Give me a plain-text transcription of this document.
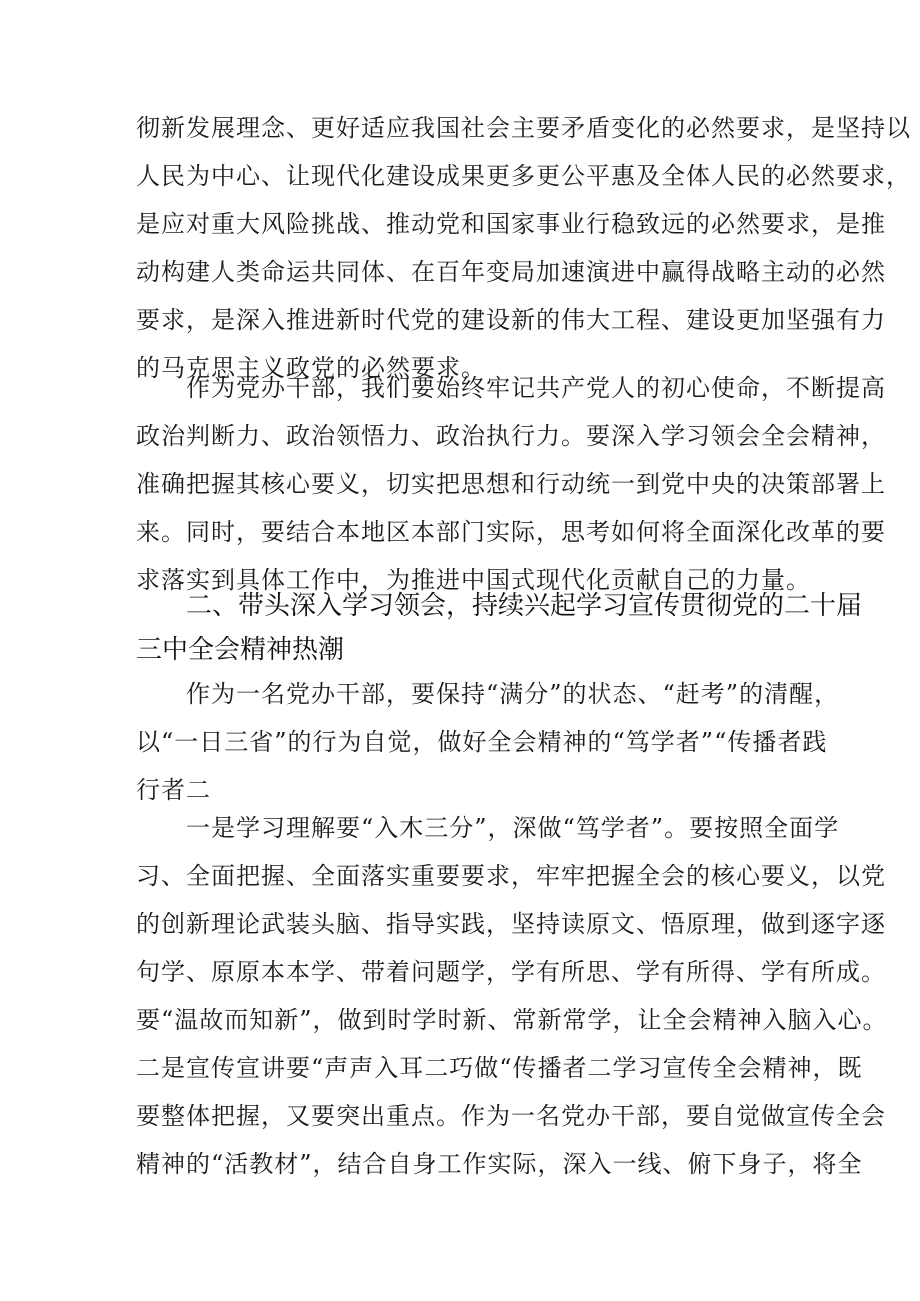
彻新发展理念、更好适应我国社会主要矛盾变化的必然要求，是坚持以
人民为中心、让现代化建设成果更多更公平惠及全体人民的必然要求，
是应对重大风险挑战、推动党和国家事业行稳致远的必然要求，是推
动构建人类命运共同体、在百年变局加速演进中赢得战略主动的必然
要求，是深入推进新时代党的建设新的伟大工程、建设更加坚强有力
的马克思主义政党的必然要求。

作为党办干部，我们要始终牢记共产党人的初心使命，不断提高
政治判断力、政治领悟力、政治执行力。要深入学习领会全会精神，
准确把握其核心要义，切实把思想和行动统一到党中央的决策部署上
来。同时，要结合本地区本部门实际，思考如何将全面深化改革的要
求落实到具体工作中，为推进中国式现代化贡献自己的力量。

二、带头深入学习领会，持续兴起学习宣传贯彻党的二十届
三中全会精神热潮

作为一名党办干部，要保持“满分”的状态、“赶考”的清醒，
以“一日三省”的行为自觉，做好全会精神的“笃学者”“传播者践
行者二

一是学习理解要“入木三分”，深做“笃学者”。要按照全面学
习、全面把握、全面落实重要要求，牢牢把握全会的核心要义，以党
的创新理论武装头脑、指导实践，坚持读原文、悟原理，做到逐字逐
句学、原原本本学、带着问题学，学有所思、学有所得、学有所成。
要“温故而知新”，做到时学时新、常新常学，让全会精神入脑入心。
二是宣传宣讲要“声声入耳二巧做“传播者二学习宣传全会精神，既
要整体把握，又要突出重点。作为一名党办干部，要自觉做宣传全会
精神的“活教材”，结合自身工作实际，深入一线、俯下身子，将全
